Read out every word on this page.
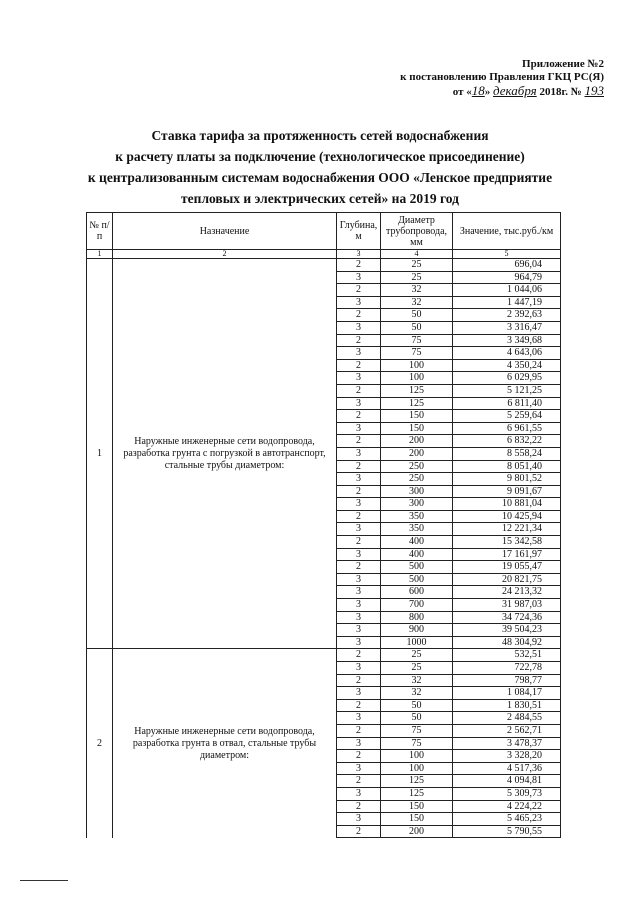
Приложение №2
к постановлению Правления ГКЦ РС(Я)
от «18» декабря 2018г. № 193
Ставка тарифа за протяженность сетей водоснабжения
к расчету платы за подключение (технологическое присоединение)
к централизованным системам водоснабжения ООО «Ленское предприятие
тепловых и электрических сетей» на 2019 год
№ п/п	Назначение	Глубина, м	Диаметр трубопровода, мм	Значение, тыс.руб./км
1	2	3	4	5
1	Наружные инженерные сети водопровода, разработка грунта с погрузкой в автотранспорт, стальные трубы диаметром:	2	25	696,04
		3	25	964,79
		2	32	1 044,06
		3	32	1 447,19
		2	50	2 392,63
		3	50	3 316,47
		2	75	3 349,68
		3	75	4 643,06
		2	100	4 350,24
		3	100	6 029,95
		2	125	5 121,25
		3	125	6 811,40
		2	150	5 259,64
		3	150	6 961,55
		2	200	6 832,22
		3	200	8 558,24
		2	250	8 051,40
		3	250	9 801,52
		2	300	9 091,67
		3	300	10 881,04
		2	350	10 425,94
		3	350	12 221,34
		2	400	15 342,58
		3	400	17 161,97
		2	500	19 055,47
		3	500	20 821,75
		3	600	24 213,32
		3	700	31 987,03
		3	800	34 724,36
		3	900	39 504,23
		3	1000	48 304,92
2	Наружные инженерные сети водопровода, разработка грунта в отвал, стальные трубы диаметром:	2	25	532,51
		3	25	722,78
		2	32	798,77
		3	32	1 084,17
		2	50	1 830,51
		3	50	2 484,55
		2	75	2 562,71
		3	75	3 478,37
		2	100	3 328,20
		3	100	4 517,36
		2	125	4 094,81
		3	125	5 309,73
		2	150	4 224,22
		3	150	5 465,23
		2	200	5 790,55
